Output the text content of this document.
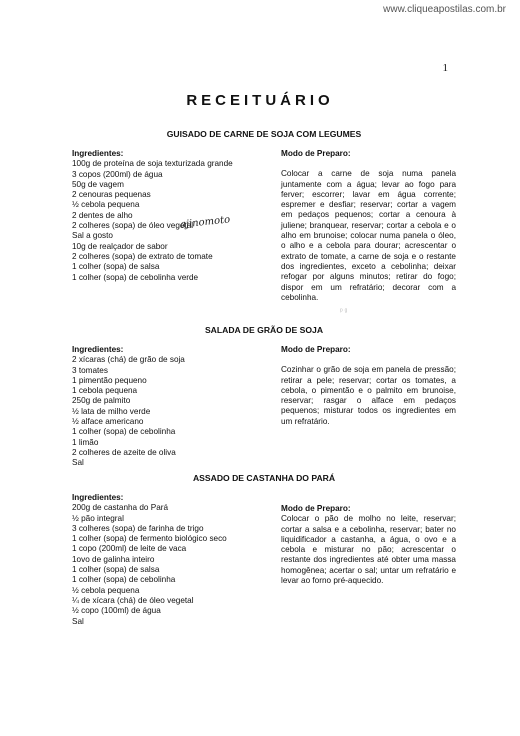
www.cliqueapostilas.com.br
1
RECEITUÁRIO
GUISADO DE CARNE DE SOJA COM LEGUMES
Ingredientes:
100g de proteína de soja texturizada grande
3 copos (200ml) de água
50g de vagem
2 cenouras pequenas
½ cebola pequena
2 dentes de alho
2 colheres (sopa) de óleo vegetal
Sal a gosto
10g de realçador de sabor
2 colheres (sopa) de extrato de tomate
1 colher (sopa) de salsa
1 colher (sopa) de cebolinha verde
ajinomoto
Modo de Preparo:

Colocar a carne de soja numa panela juntamente com a água; levar ao fogo para ferver; escorrer; lavar em água corrente; espremer e desfiar; reservar; cortar a vagem em pedaços pequenos; cortar a cenoura à juliene; branquear, reservar; cortar a cebola e o alho em brunoise; colocar numa panela o óleo, o alho e a cebola para dourar; acrescentar o extrato de tomate, a carne de soja e o restante dos ingredientes, exceto a cebolinha; deixar refogar por alguns minutos; retirar do fogo; dispor em um refratário; decorar com a cebolinha.

ᵖ ᵍ
SALADA DE GRÃO DE SOJA
Ingredientes:
2 xícaras (chá) de grão de soja
3 tomates
1 pimentão pequeno
1 cebola pequena
250g de palmito
½ lata de milho verde
½ alface americano
1 colher (sopa) de cebolinha
1 limão
2 colheres de azeite de oliva
Sal
Modo de Preparo:

Cozinhar o grão de soja em panela de pressão; retirar a pele; reservar; cortar os tomates, a cebola, o pimentão e o palmito em brunoise, reservar; rasgar o alface em pedaços pequenos; misturar todos os ingredientes em um refratário.

ASSADO DE CASTANHA DO PARÁ
Ingredientes:
200g de castanha do Pará
½ pão integral
3 colheres (sopa) de farinha de trigo
1 colher (sopa) de fermento biológico seco
1 copo (200ml) de leite de vaca
1ovo de galinha inteiro
1 colher (sopa) de salsa
1 colher (sopa) de cebolinha
½ cebola pequena
¼ de xícara (chá) de óleo vegetal
½ copo (100ml) de água
Sal
Modo de Preparo:

Colocar o pão de molho no leite, reservar; cortar a salsa e a cebolinha, reservar; bater no liquidificador a castanha, a água, o ovo e a cebola e misturar no pão; acrescentar o restante dos ingredientes até obter uma massa homogênea; acertar o sal; untar um refratário e levar ao forno pré-aquecido.
